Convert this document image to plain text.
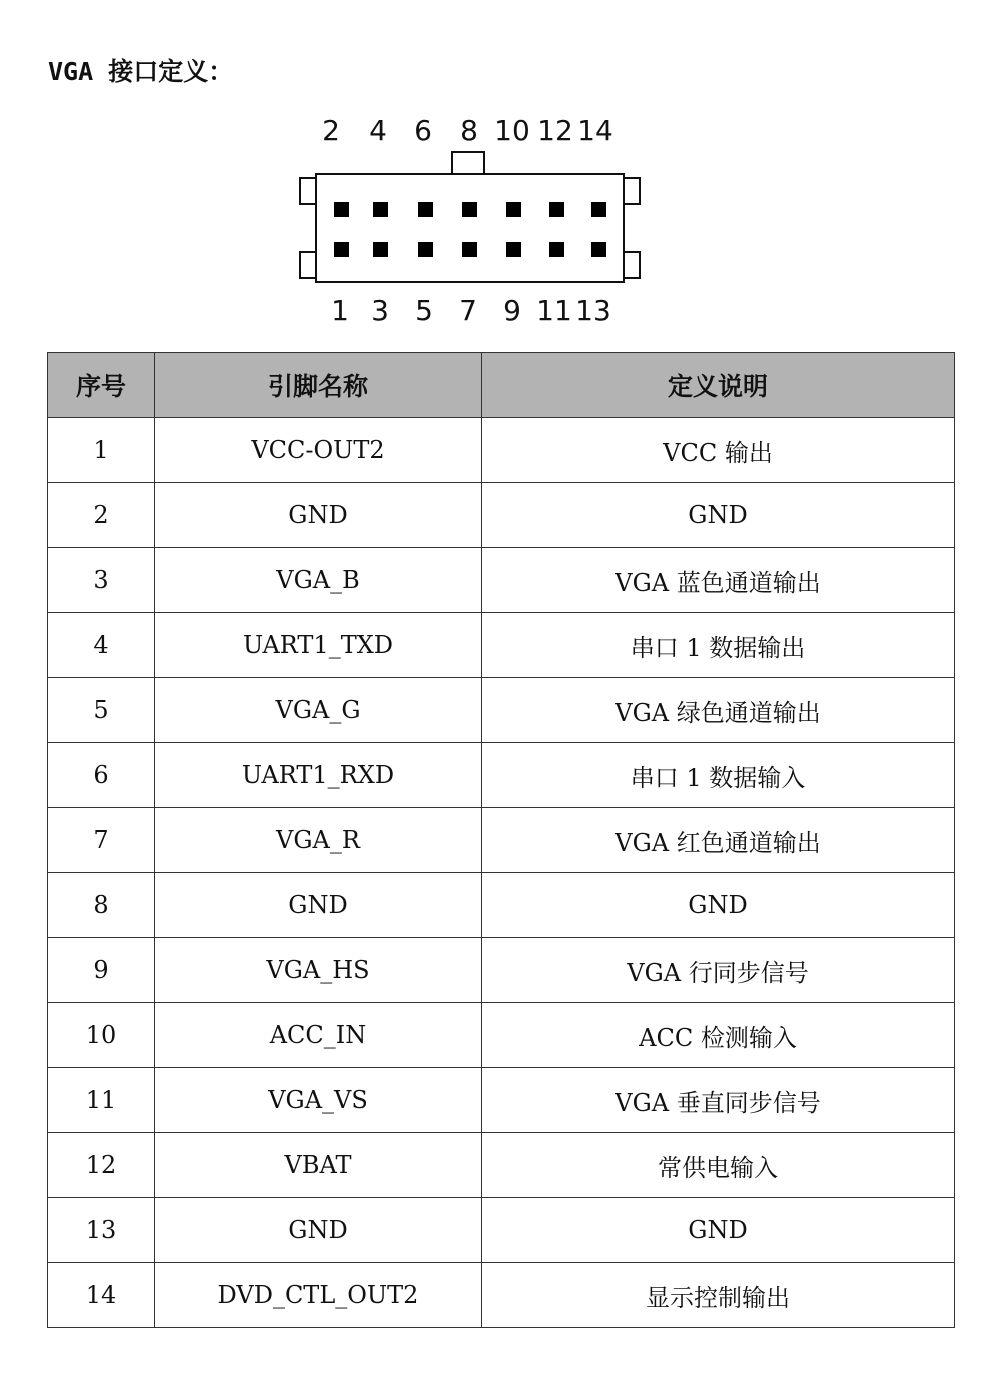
VGA 接口定义：
2 4 6 8 10 12 14
1 3 5 7 9 11 13
序号	引脚名称	定义说明
1	VCC-OUT2	VCC 输出
2	GND	GND
3	VGA_B	VGA 蓝色通道输出
4	UART1_TXD	串口 1 数据输出
5	VGA_G	VGA 绿色通道输出
6	UART1_RXD	串口 1 数据输入
7	VGA_R	VGA 红色通道输出
8	GND	GND
9	VGA_HS	VGA 行同步信号
10	ACC_IN	ACC 检测输入
11	VGA_VS	VGA 垂直同步信号
12	VBAT	常供电输入
13	GND	GND
14	DVD_CTL_OUT2	显示控制输出
